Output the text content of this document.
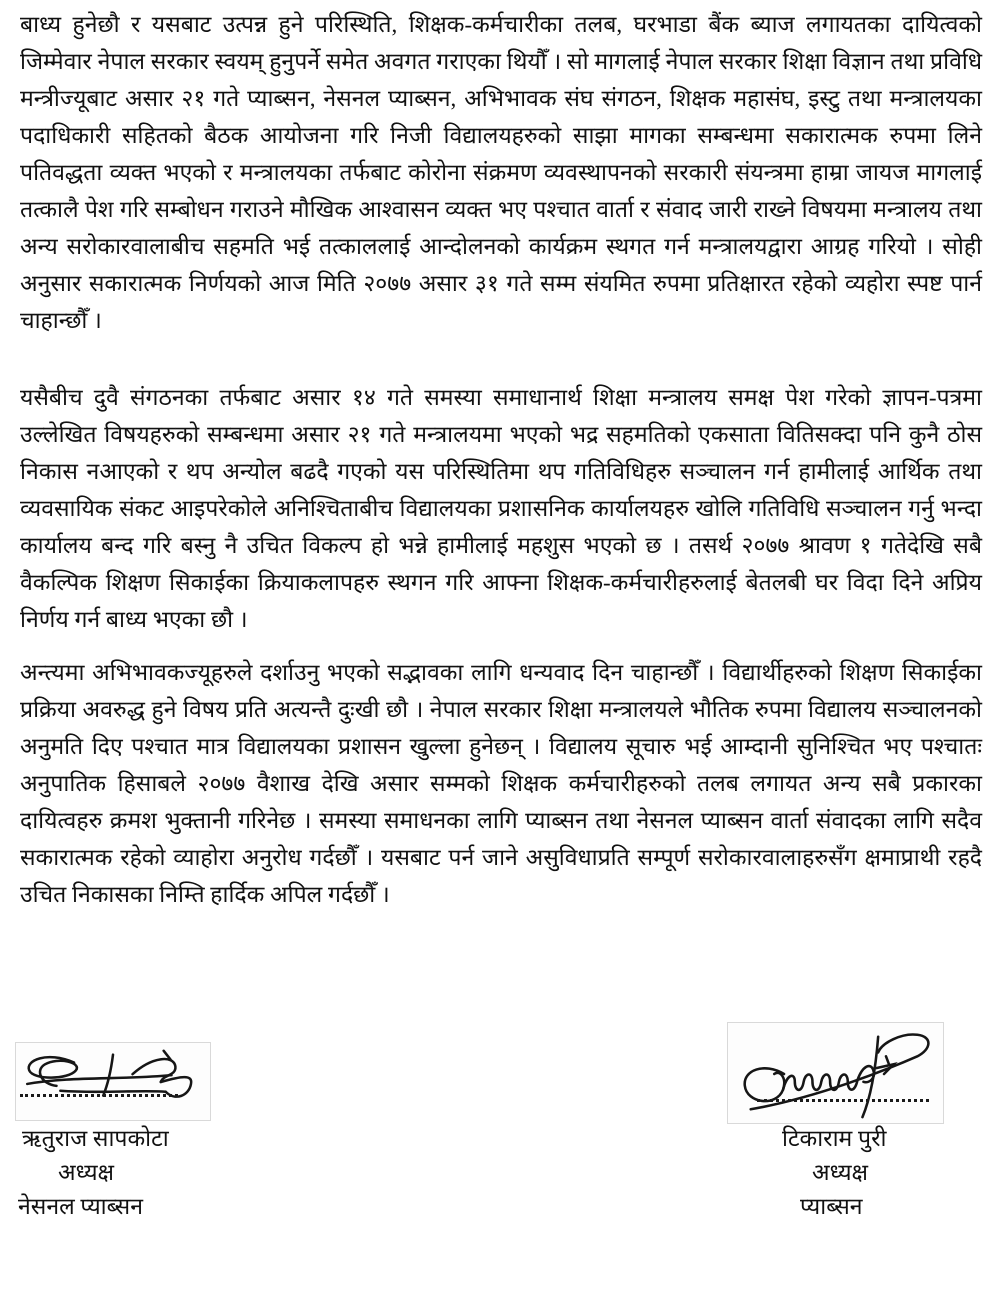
बाध्य हुनेछौ र यसबाट उत्पन्न हुने परिस्थिति, शिक्षक-कर्मचारीका तलब, घरभाडा बैंक ब्याज लगायतका दायित्वको जिम्मेवार नेपाल सरकार स्वयम् हुनुपर्ने समेत अवगत गराएका थियौँ । सो मागलाई नेपाल सरकार शिक्षा विज्ञान तथा प्रविधि मन्त्रीज्यूबाट असार २१ गते प्याब्सन, नेसनल प्याब्सन, अभिभावक संघ संगठन, शिक्षक महासंघ, इस्टु तथा मन्त्रालयका पदाधिकारी सहितको बैठक आयोजना गरि निजी विद्यालयहरुको साझा मागका सम्बन्धमा सकारात्मक रुपमा लिने पतिवद्धता व्यक्त भएको र मन्त्रालयका तर्फबाट कोरोना संक्रमण व्यवस्थापनको सरकारी संयन्त्रमा हाम्रा जायज मागलाई तत्कालै पेश गरि सम्बोधन गराउने मौखिक आश्वासन व्यक्त भए पश्चात वार्ता र संवाद जारी राख्ने विषयमा मन्त्रालय तथा अन्य सरोकारवालाबीच सहमति भई तत्काललाई आन्दोलनको कार्यक्रम स्थगत गर्न मन्त्रालयद्वारा आग्रह गरियो । सोही अनुसार सकारात्मक निर्णयको आज मिति २०७७ असार ३१ गते सम्म संयमित रुपमा प्रतिक्षारत रहेको व्यहोरा स्पष्ट पार्न चाहान्छौँ ।

यसैबीच दुवै संगठनका तर्फबाट असार १४ गते समस्या समाधानार्थ शिक्षा मन्त्रालय समक्ष पेश गरेको ज्ञापन-पत्रमा उल्लेखित विषयहरुको सम्बन्धमा असार २१ गते मन्त्रालयमा भएको भद्र सहमतिको एकसाता वितिसक्दा पनि कुनै ठोस निकास नआएको र थप अन्योल बढदै गएको यस परिस्थितिमा थप गतिविधिहरु सञ्चालन गर्न हामीलाई आर्थिक तथा व्यवसायिक संकट आइपरेकोले अनिश्चिताबीच विद्यालयका प्रशासनिक कार्यालयहरु खोलि गतिविधि सञ्चालन गर्नु भन्दा कार्यालय बन्द गरि बस्नु नै उचित विकल्प हो भन्ने हामीलाई महशुस भएको छ । तसर्थ २०७७ श्रावण १ गतेदेखि सबै वैकल्पिक शिक्षण सिकाईका क्रियाकलापहरु स्थगन गरि आफ्ना शिक्षक-कर्मचारीहरुलाई बेतलबी घर विदा दिने अप्रिय निर्णय गर्न बाध्य भएका छौ ।

अन्त्यमा अभिभावकज्यूहरुले दर्शाउनु भएको सद्भावका लागि धन्यवाद दिन चाहान्छौँ । विद्यार्थीहरुको शिक्षण सिकाईका प्रक्रिया अवरुद्ध हुने विषय प्रति अत्यन्तै दुःखी छौ । नेपाल सरकार शिक्षा मन्त्रालयले भौतिक रुपमा विद्यालय सञ्चालनको अनुमति दिए पश्चात मात्र विद्यालयका प्रशासन खुल्ला हुनेछन् । विद्यालय सूचारु भई आम्दानी सुनिश्चित भए पश्चातः अनुपातिक हिसाबले २०७७ वैशाख देखि असार सम्मको शिक्षक कर्मचारीहरुको तलब लगायत अन्य सबै प्रकारका दायित्वहरु क्रमश भुक्तानी गरिनेछ । समस्या समाधनका लागि प्याब्सन तथा नेसनल प्याब्सन वार्ता संवादका लागि सदैव सकारात्मक रहेको व्याहोरा अनुरोध गर्दछौँ । यसबाट पर्न जाने असुविधाप्रति सम्पूर्ण सरोकारवालाहरुसँग क्षमाप्राथी रहदै उचित निकासका निम्ति हार्दिक अपिल गर्दछौँ ।

ऋतुराज सापकोटा
अध्यक्ष
नेसनल प्याब्सन
टिकाराम पुरी
अध्यक्ष
प्याब्सन
